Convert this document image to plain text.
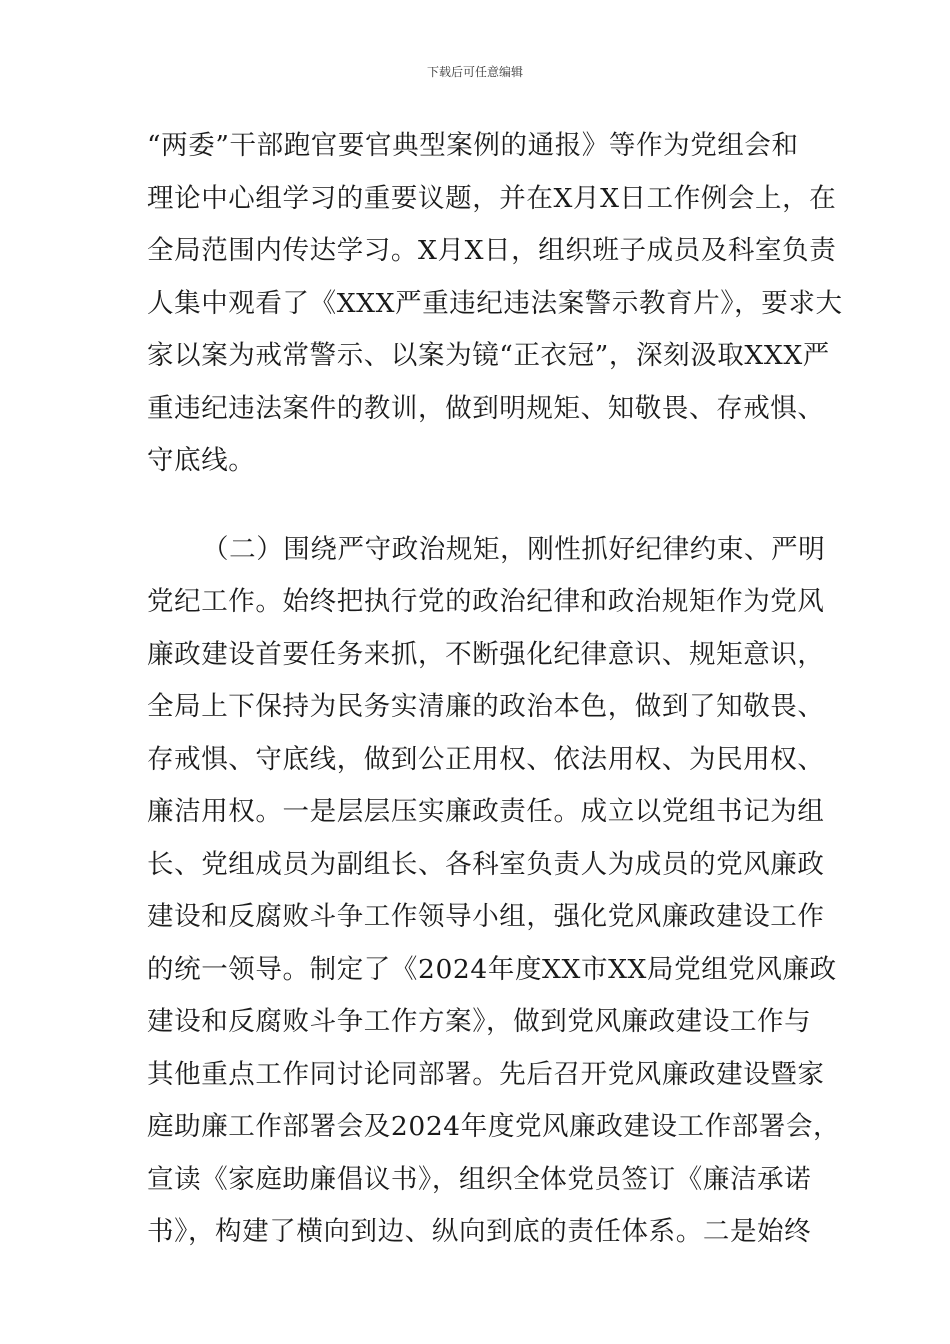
下载后可任意编辑
“两委”干部跑官要官典型案例的通报》等作为党组会和
理论中心组学习的重要议题，并在X月X日工作例会上，在
全局范围内传达学习。X月X日，组织班子成员及科室负责
人集中观看了《XXX严重违纪违法案警示教育片》，要求大
家以案为戒常警示、以案为镜“正衣冠”，深刻汲取XXX严
重违纪违法案件的教训，做到明规矩、知敬畏、存戒惧、
守底线。
（二）围绕严守政治规矩，刚性抓好纪律约束、严明
党纪工作。始终把执行党的政治纪律和政治规矩作为党风
廉政建设首要任务来抓，不断强化纪律意识、规矩意识，
全局上下保持为民务实清廉的政治本色，做到了知敬畏、
存戒惧、守底线，做到公正用权、依法用权、为民用权、
廉洁用权。一是层层压实廉政责任。成立以党组书记为组
长、党组成员为副组长、各科室负责人为成员的党风廉政
建设和反腐败斗争工作领导小组，强化党风廉政建设工作
的统一领导。制定了《2024年度XX市XX局党组党风廉政
建设和反腐败斗争工作方案》，做到党风廉政建设工作与
其他重点工作同讨论同部署。先后召开党风廉政建设暨家
庭助廉工作部署会及2024年度党风廉政建设工作部署会，
宣读《家庭助廉倡议书》，组织全体党员签订《廉洁承诺
书》，构建了横向到边、纵向到底的责任体系。二是始终
